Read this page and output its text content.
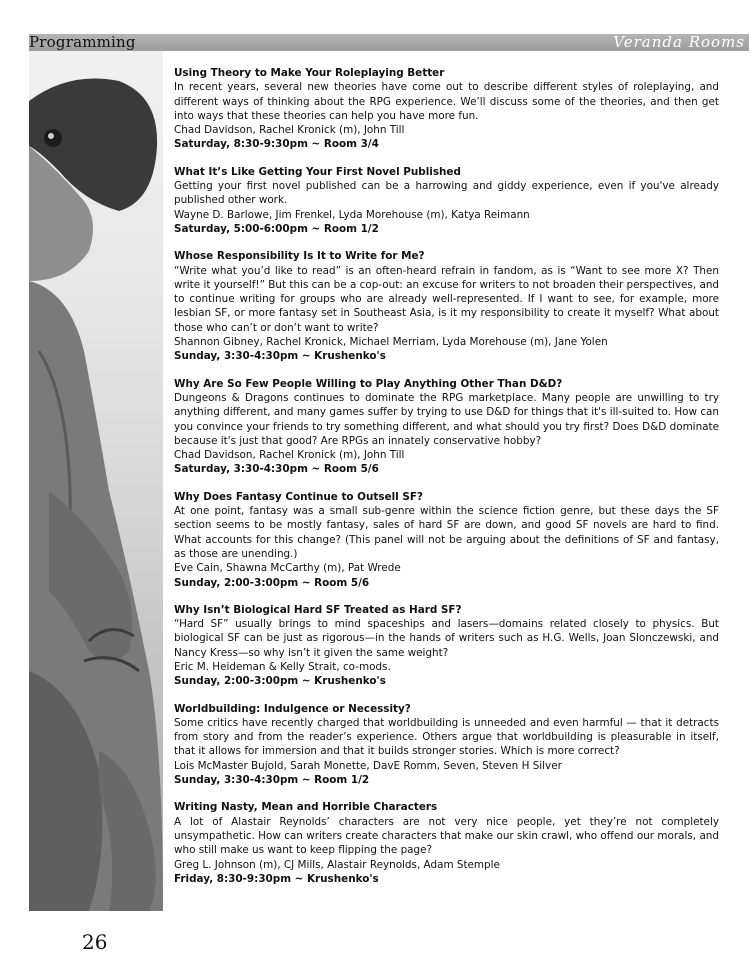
Programming	Veranda Rooms
Using Theory to Make Your Roleplaying Better
In recent years, several new theories have come out to describe different styles of roleplaying, and different ways of thinking about the RPG experience. We’ll discuss some of the theories, and then get into ways that these theories can help you have more fun.
Chad Davidson, Rachel Kronick (m), John Till
Saturday, 8:30-9:30pm ~ Room 3/4
What It’s Like Getting Your First Novel Published
Getting your first novel published can be a harrowing and giddy experience, even if you've already published other work.
Wayne D. Barlowe, Jim Frenkel, Lyda Morehouse (m), Katya Reimann
Saturday, 5:00-6:00pm ~ Room 1/2
Whose Responsibility Is It to Write for Me?
“Write what you’d like to read” is an often-heard refrain in fandom, as is “Want to see more X? Then write it yourself!” But this can be a cop-out: an excuse for writers to not broaden their perspectives, and to continue writing for groups who are already well-represented. If I want to see, for example, more lesbian SF, or more fantasy set in Southeast Asia, is it my responsibility to create it myself? What about those who can’t or don’t want to write?
Shannon Gibney, Rachel Kronick, Michael Merriam, Lyda Morehouse (m), Jane Yolen
Sunday, 3:30-4:30pm ~ Krushenko's
Why Are So Few People Willing to Play Anything Other Than D&D?
Dungeons & Dragons continues to dominate the RPG marketplace. Many people are unwilling to try anything different, and many games suffer by trying to use D&D for things that it's ill-suited to. How can you convince your friends to try something different, and what should you try first? Does D&D dominate because it's just that good? Are RPGs an innately conservative hobby?
Chad Davidson, Rachel Kronick (m), John Till
Saturday, 3:30-4:30pm ~ Room 5/6
Why Does Fantasy Continue to Outsell SF?
At one point, fantasy was a small sub-genre within the science fiction genre, but these days the SF section seems to be mostly fantasy, sales of hard SF are down, and good SF novels are hard to find. What accounts for this change? (This panel will not be arguing about the definitions of SF and fantasy, as those are unending.)
Eve Cain, Shawna McCarthy (m), Pat Wrede
Sunday, 2:00-3:00pm ~ Room 5/6
Why Isn’t Biological Hard SF Treated as Hard SF?
“Hard SF” usually brings to mind spaceships and lasers—domains related closely to physics. But biological SF can be just as rigorous—in the hands of writers such as H.G. Wells, Joan Slonczewski, and Nancy Kress—so why isn’t it given the same weight?
Eric M. Heideman & Kelly Strait, co-mods.
Sunday, 2:00-3:00pm ~ Krushenko's
Worldbuilding: Indulgence or Necessity?
Some critics have recently charged that worldbuilding is unneeded and even harmful — that it detracts from story and from the reader’s experience. Others argue that worldbuilding is pleasurable in itself, that it allows for immersion and that it builds stronger stories. Which is more correct?
Lois McMaster Bujold, Sarah Monette, DavE Romm, Seven, Steven H Silver
Sunday, 3:30-4:30pm ~ Room 1/2
Writing Nasty, Mean and Horrible Characters
A lot of Alastair Reynolds’ characters are not very nice people, yet they’re not completely unsympathetic. How can writers create characters that make our skin crawl, who offend our morals, and who still make us want to keep flipping the page?
Greg L. Johnson (m), CJ Mills, Alastair Reynolds, Adam Stemple
Friday, 8:30-9:30pm ~ Krushenko's
26
